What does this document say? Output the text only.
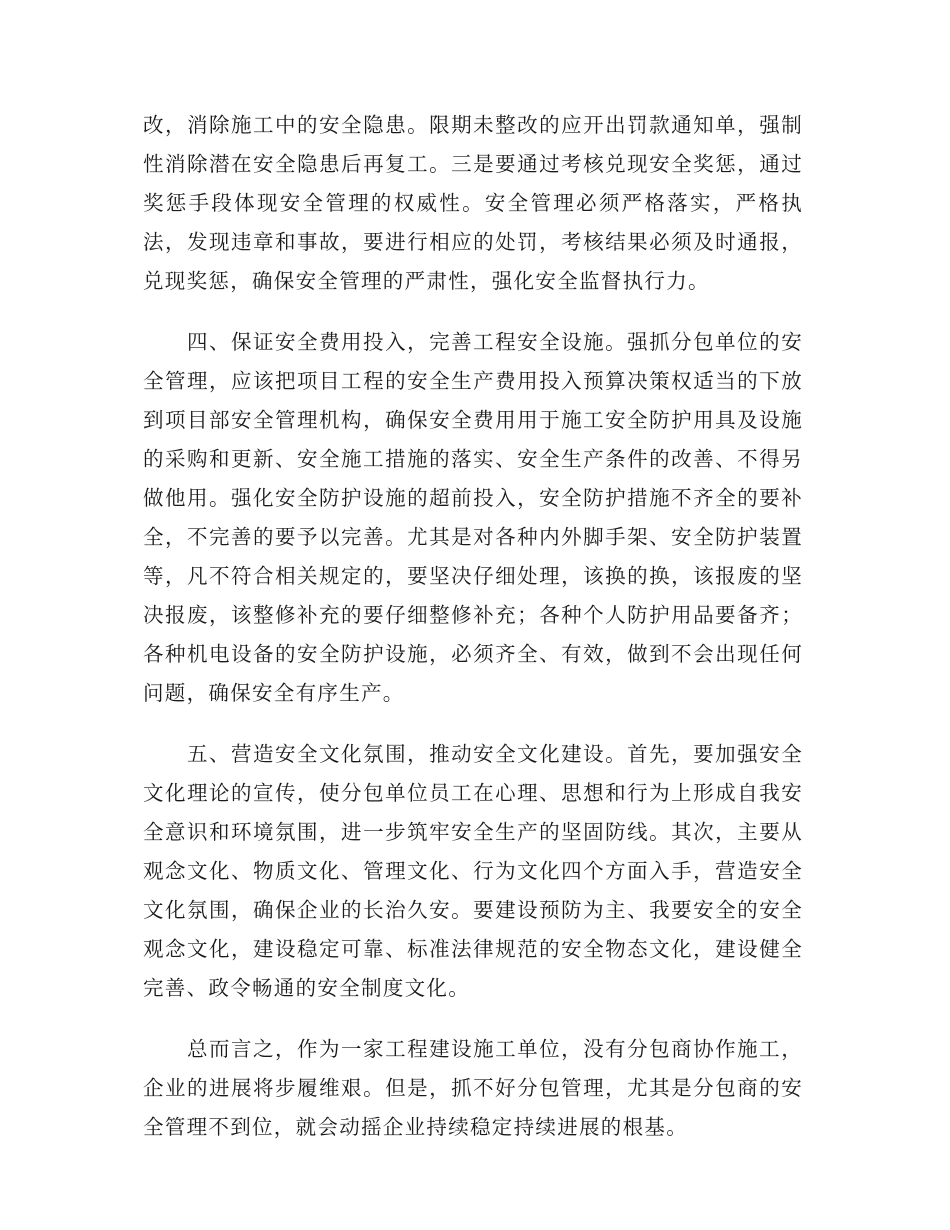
改，消除施工中的安全隐患。限期未整改的应开出罚款通知单，强制性消除潜在安全隐患后再复工。三是要通过考核兑现安全奖惩，通过奖惩手段体现安全管理的权威性。安全管理必须严格落实，严格执法，发现违章和事故，要进行相应的处罚，考核结果必须及时通报，兑现奖惩，确保安全管理的严肃性，强化安全监督执行力。

四、保证安全费用投入，完善工程安全设施。强抓分包单位的安全管理，应该把项目工程的安全生产费用投入预算决策权适当的下放到项目部安全管理机构，确保安全费用用于施工安全防护用具及设施的采购和更新、安全施工措施的落实、安全生产条件的改善、不得另做他用。强化安全防护设施的超前投入，安全防护措施不齐全的要补全，不完善的要予以完善。尤其是对各种内外脚手架、安全防护装置等，凡不符合相关规定的，要坚决仔细处理，该换的换，该报废的坚决报废，该整修补充的要仔细整修补充；各种个人防护用品要备齐；各种机电设备的安全防护设施，必须齐全、有效，做到不会出现任何问题，确保安全有序生产。

五、营造安全文化氛围，推动安全文化建设。首先，要加强安全文化理论的宣传，使分包单位员工在心理、思想和行为上形成自我安全意识和环境氛围，进一步筑牢安全生产的坚固防线。其次，主要从观念文化、物质文化、管理文化、行为文化四个方面入手，营造安全文化氛围，确保企业的长治久安。要建设预防为主、我要安全的安全观念文化，建设稳定可靠、标准法律规范的安全物态文化，建设健全完善、政令畅通的安全制度文化。

总而言之，作为一家工程建设施工单位，没有分包商协作施工，企业的进展将步履维艰。但是，抓不好分包管理，尤其是分包商的安全管理不到位，就会动摇企业持续稳定持续进展的根基。
